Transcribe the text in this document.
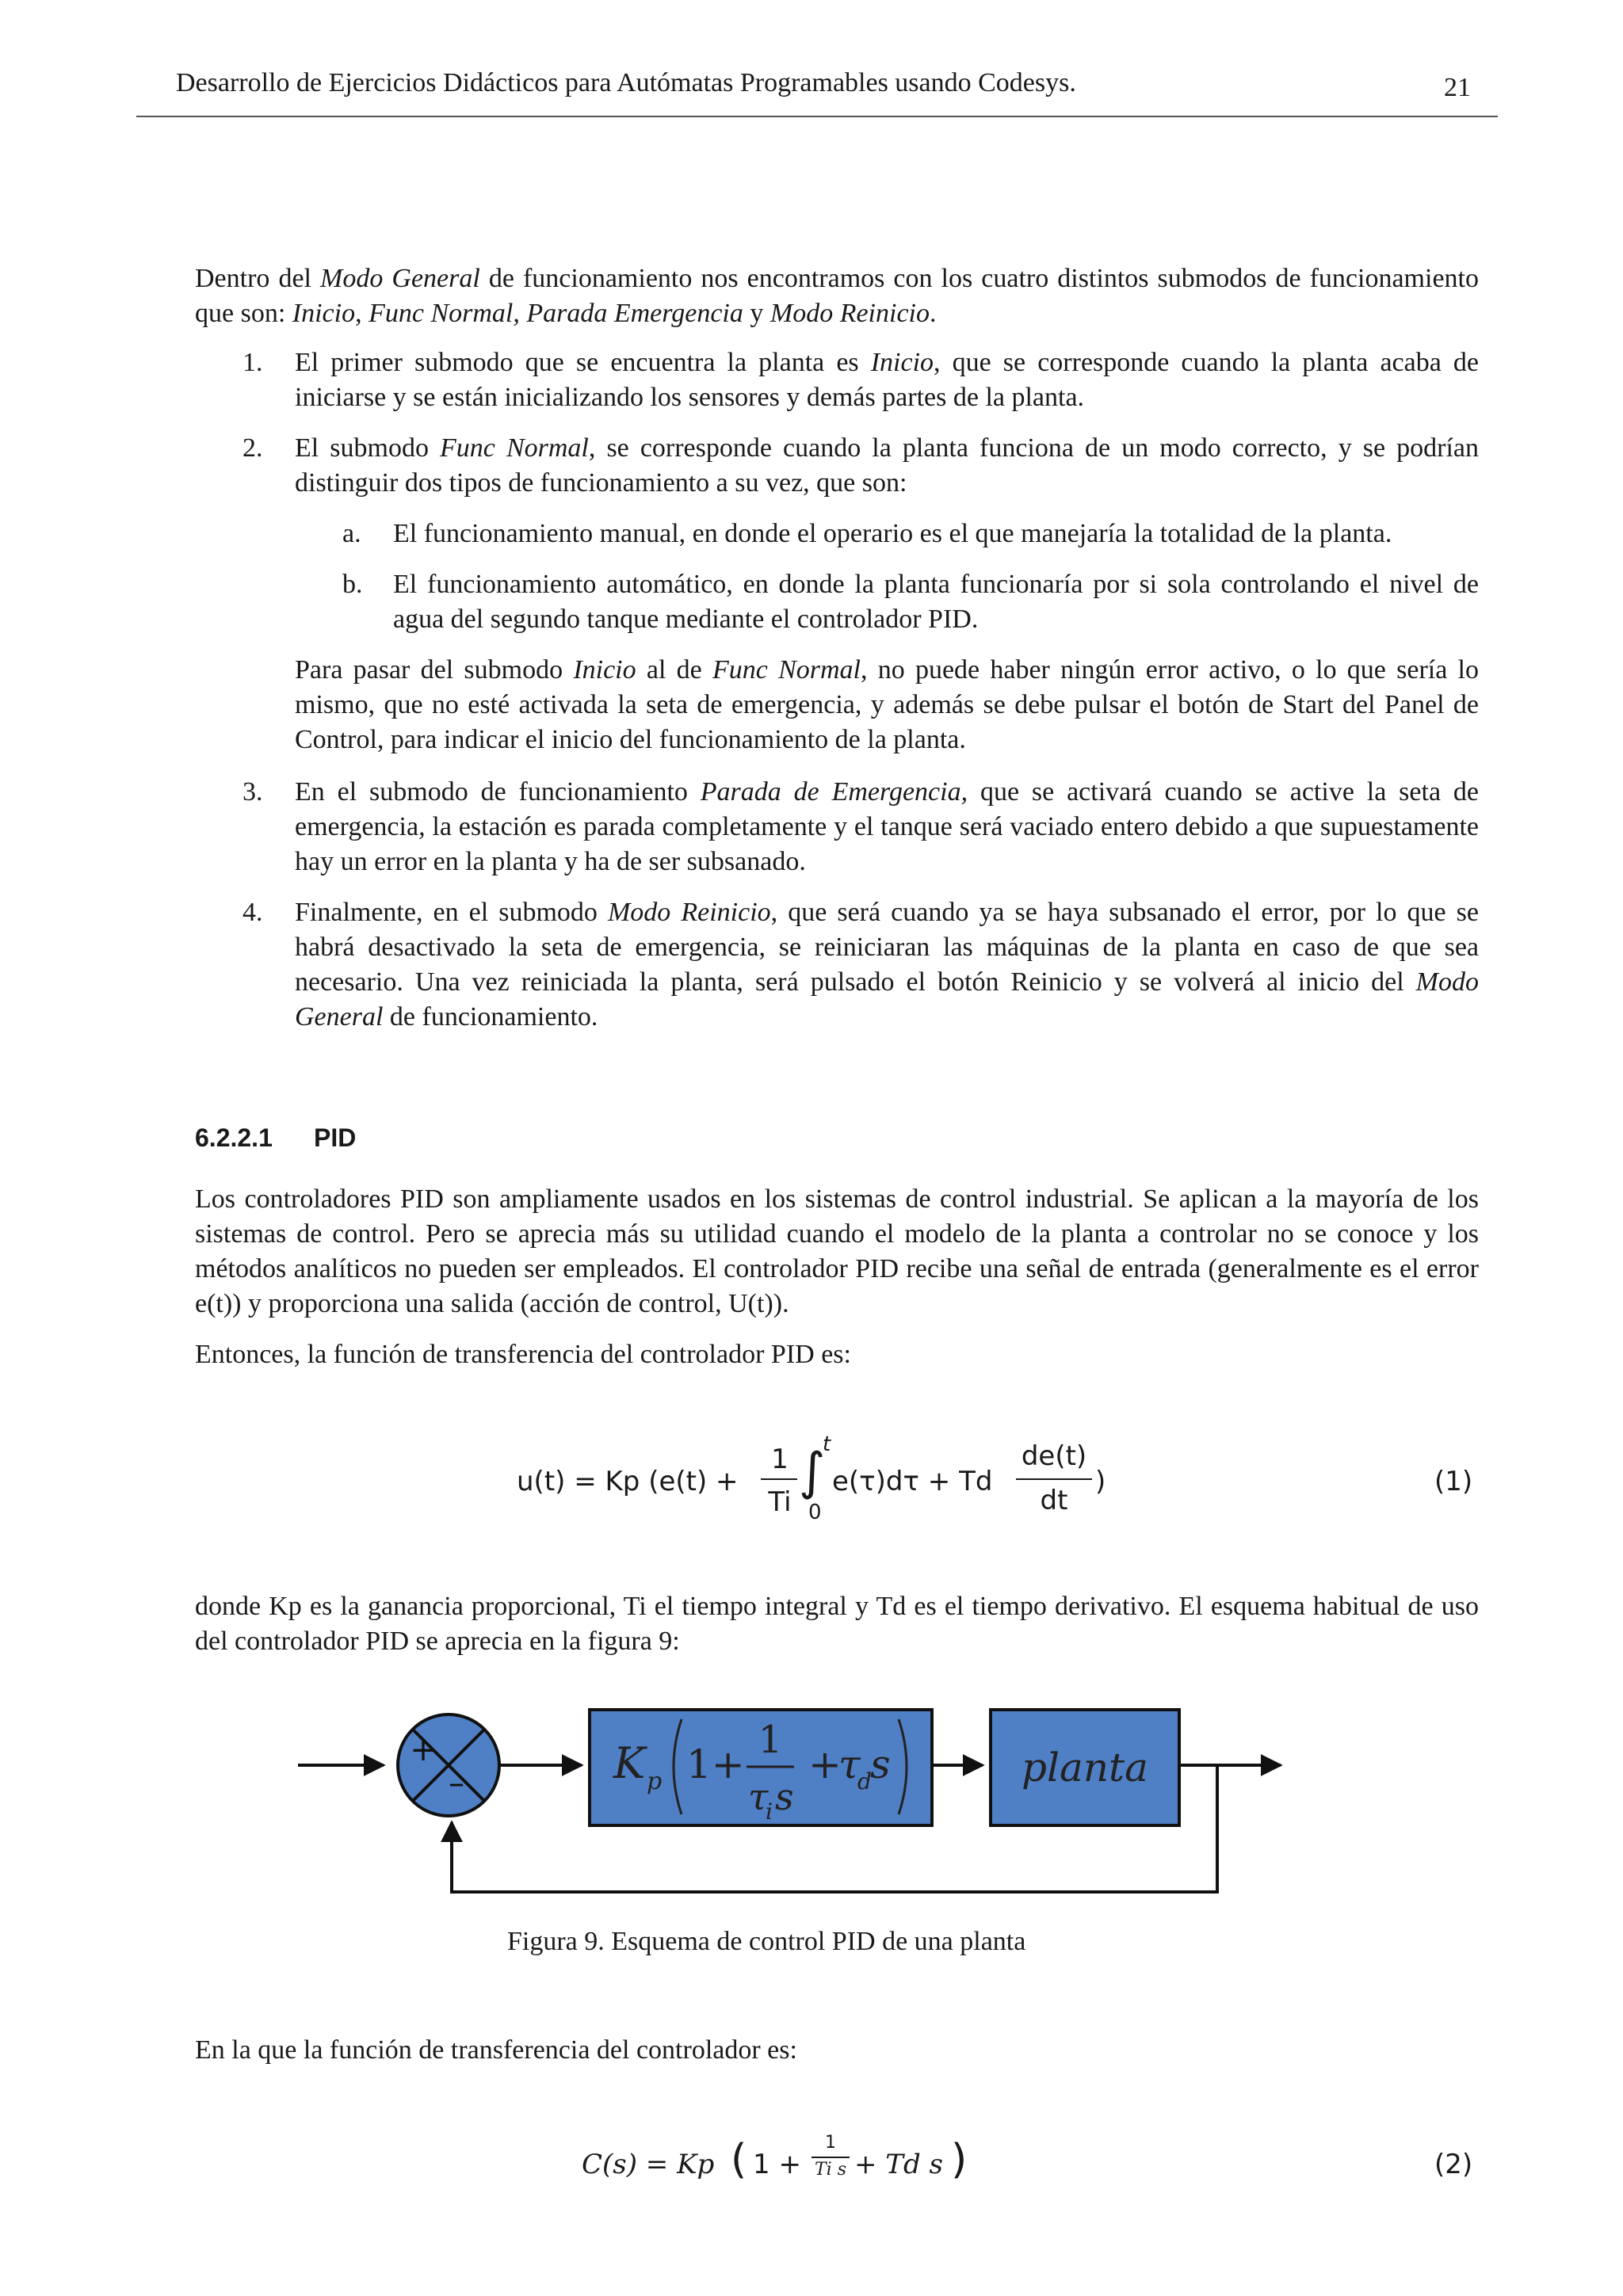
Desarrollo de Ejercicios Didácticos para Autómatas Programables usando Codesys.	21
Dentro del Modo General de funcionamiento nos encontramos con los cuatro distintos submodos de funcionamiento que son: Inicio, Func Normal, Parada Emergencia y Modo Reinicio.
1. El primer submodo que se encuentra la planta es Inicio, que se corresponde cuando la planta acaba de iniciarse y se están inicializando los sensores y demás partes de la planta.
2. El submodo Func Normal, se corresponde cuando la planta funciona de un modo correcto, y se podrían distinguir dos tipos de funcionamiento a su vez, que son:
a. El funcionamiento manual, en donde el operario es el que manejaría la totalidad de la planta.
b. El funcionamiento automático, en donde la planta funcionaría por si sola controlando el nivel de agua del segundo tanque mediante el controlador PID.
Para pasar del submodo Inicio al de Func Normal, no puede haber ningún error activo, o lo que sería lo mismo, que no esté activada la seta de emergencia, y además se debe pulsar el botón de Start del Panel de Control, para indicar el inicio del funcionamiento de la planta.
3. En el submodo de funcionamiento Parada de Emergencia, que se activará cuando se active la seta de emergencia, la estación es parada completamente y el tanque será vaciado entero debido a que supuestamente hay un error en la planta y ha de ser subsanado.
4. Finalmente, en el submodo Modo Reinicio, que será cuando ya se haya subsanado el error, por lo que se habrá desactivado la seta de emergencia, se reiniciaran las máquinas de la planta en caso de que sea necesario. Una vez reiniciada la planta, será pulsado el botón Reinicio y se volverá al inicio del Modo General de funcionamiento.
6.2.2.1 PID
Los controladores PID son ampliamente usados en los sistemas de control industrial. Se aplican a la mayoría de los sistemas de control. Pero se aprecia más su utilidad cuando el modelo de la planta a controlar no se conoce y los métodos analíticos no pueden ser empleados. El controlador PID recibe una señal de entrada (generalmente es el error e(t)) y proporciona una salida (acción de control, U(t)).
Entonces, la función de transferencia del controlador PID es:
u(t) = Kp (e(t) +
1
Ti
∫
t
0
e(τ)dτ + Td
de(t)
dt
)	(1)
donde Kp es la ganancia proporcional, Ti el tiempo integral y Td es el tiempo derivativo. El esquema habitual de uso del controlador PID se aprecia en la figura 9:
+
–	K p 1+
1
τ
i s
+
τ
d
s	planta
Figura 9. Esquema de control PID de una planta
En la que la función de transferencia del controlador es:
C (s) = Kp ( 1 +
1
Ti s + Td s )	(2)
